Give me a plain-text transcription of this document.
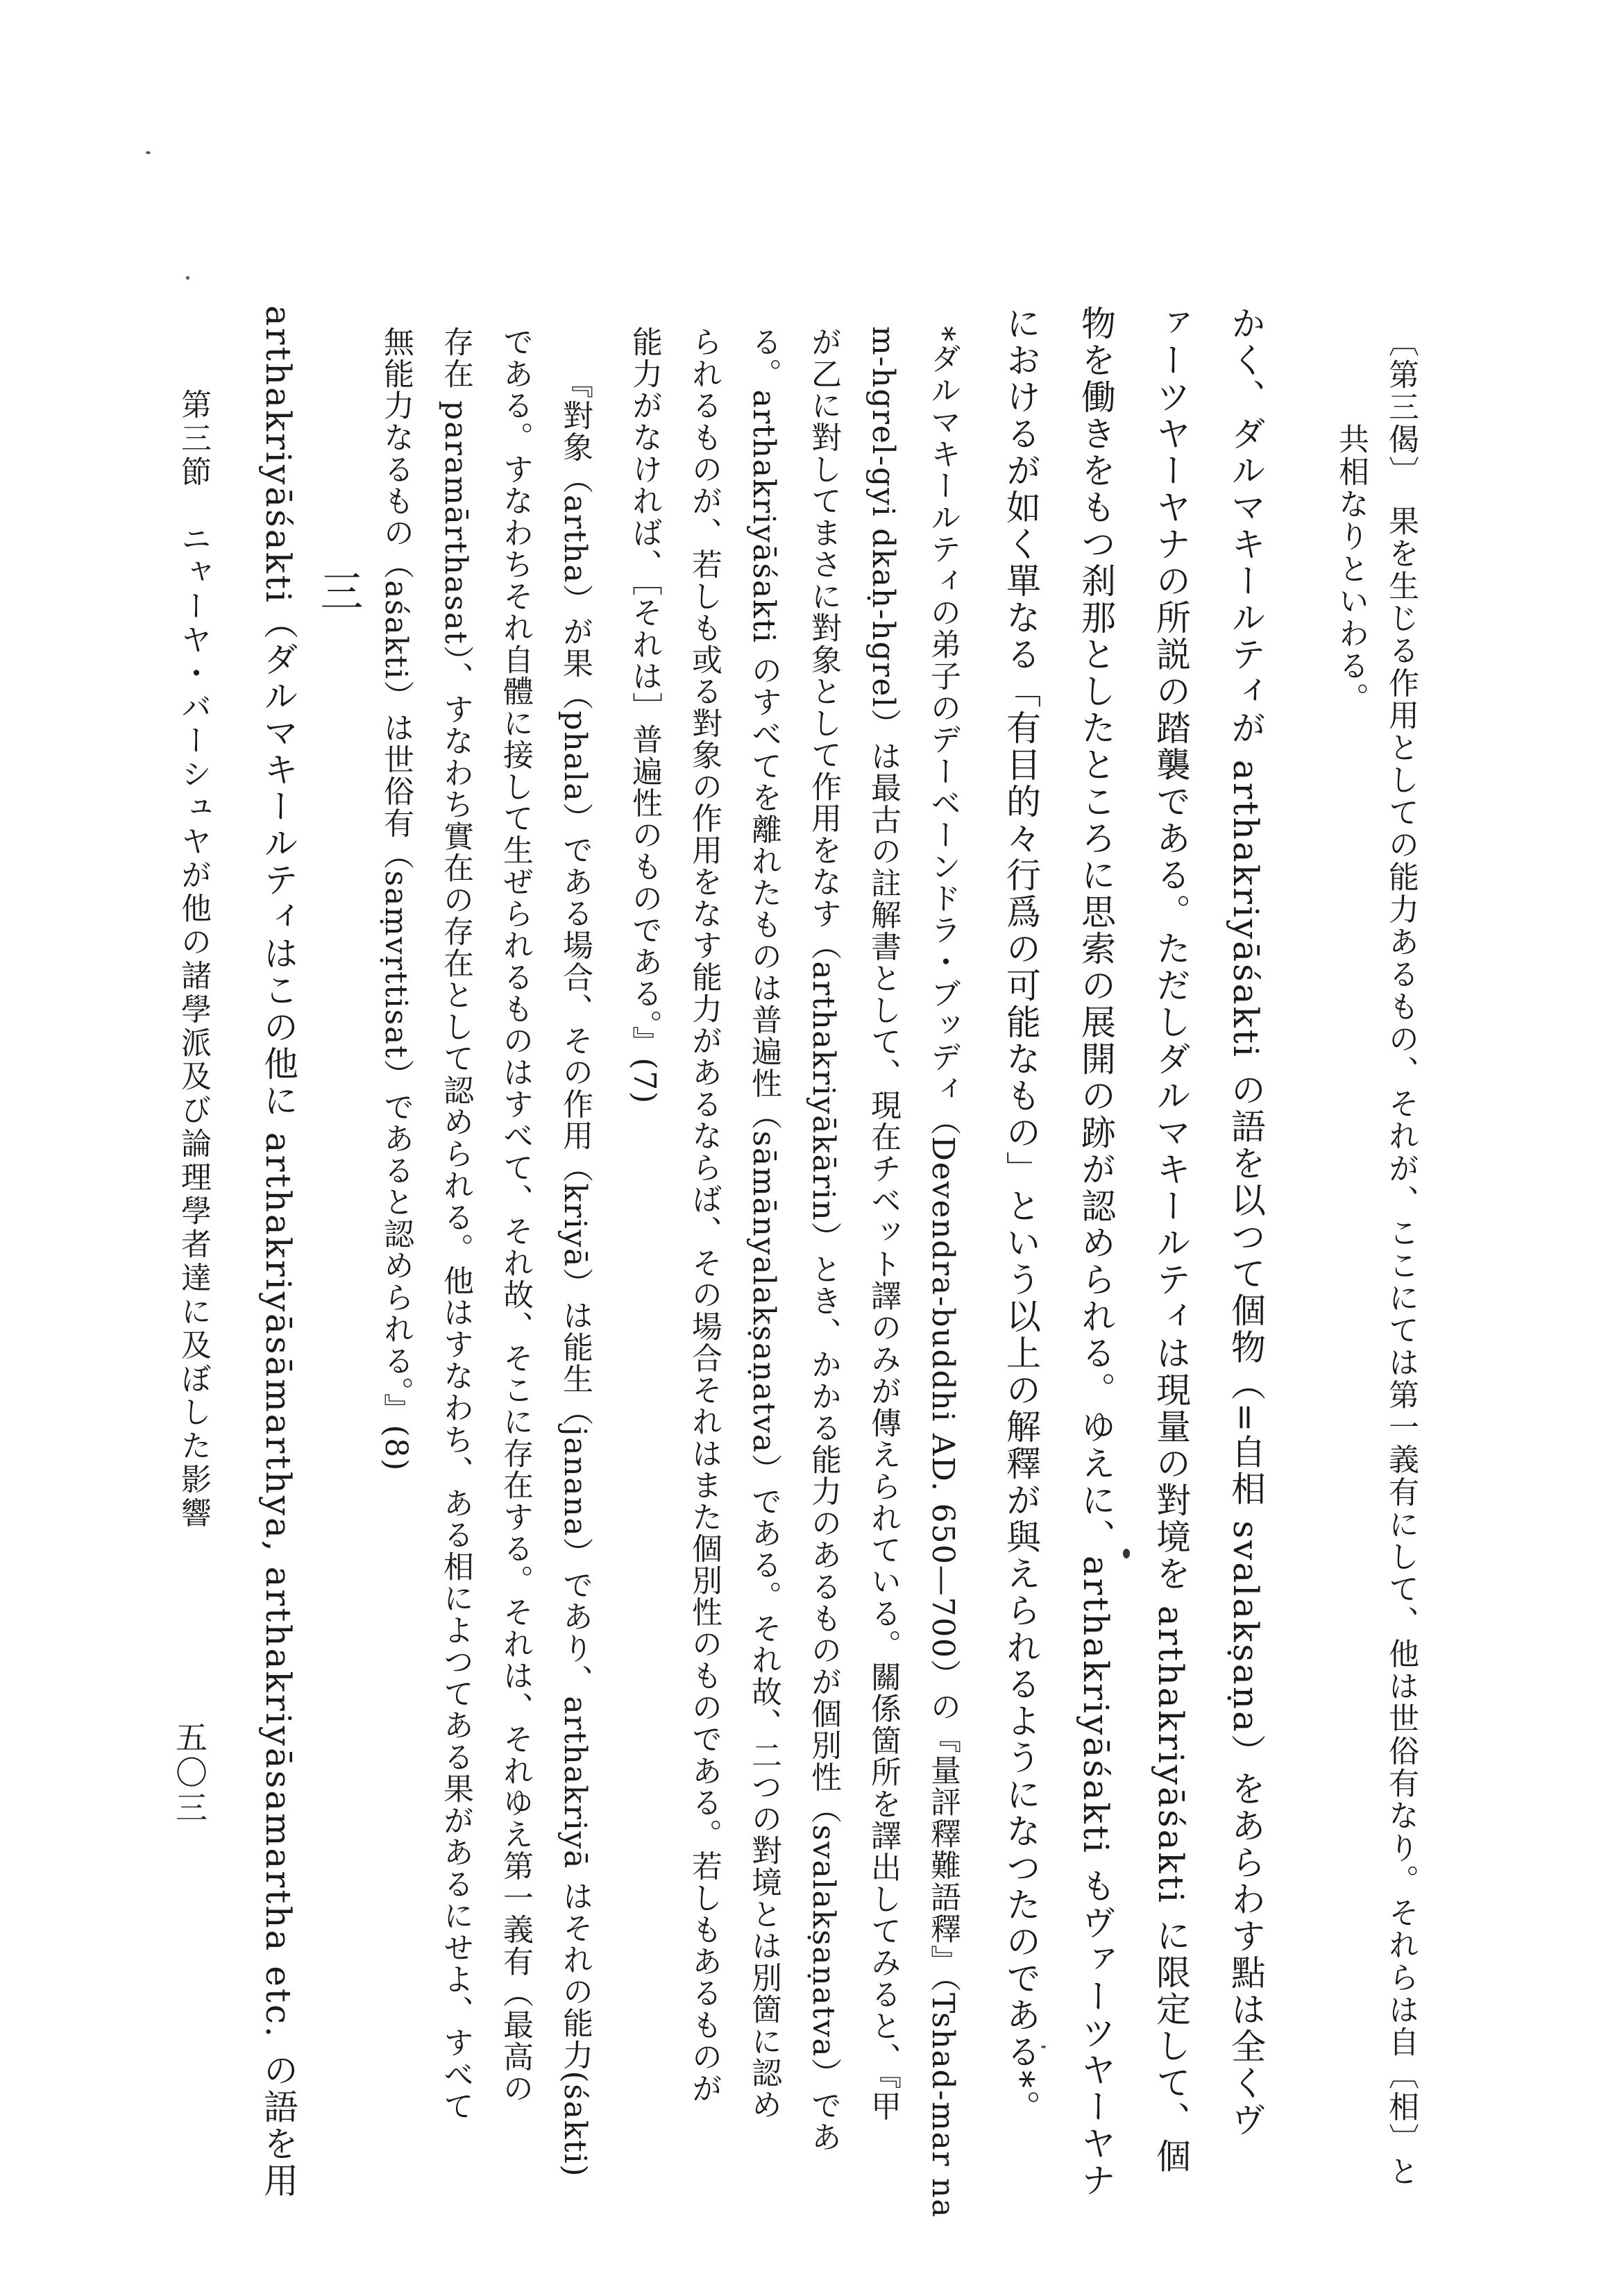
〔第三偈〕　果を生じる作用としての能力あるもの、それが、ここにては第一義有にして、他は世俗有なり。それらは自〔相〕と
共相なりといわる。
かく、ダルマキールティが arthakriyāśakti の語を以つて個物（=自相 svalakṣaṇa）をあらわす點は全くヴ
ァーツヤーヤナの所説の踏襲である。ただしダルマキールティは現量の對境を arthakriyāśakti に限定して、個
物を働きをもつ刹那としたところに思索の展開の跡が認められる。ゆえに、arthakriyāśakti もヴァーツヤーヤナ
におけるが如く單なる「有目的々行爲の可能なもの」という以上の解釋が與えられるようになつたのである*。
*ダルマキールティの弟子のデーベーンドラ・ブッディ（Devendra-buddhi AD. 650—700）の『量評釋難語釋』（Tshad-mar na
m-hgrel-gyi dkaḥ-hgrel）は最古の註解書として、現在チベット譯のみが傳えられている。關係箇所を譯出してみると、『甲
が乙に對してまさに對象として作用をなす（arthakriyākārin）とき、かかる能力のあるものが個別性（svalakṣaṇatva）であ
る。arthakriyāśakti のすべてを離れたものは普遍性（sāmānyalakṣaṇatva）である。それ故、二つの對境とは別箇に認め
られるものが、若しも或る對象の作用をなす能力があるならば、その場合それはまた個別性のものである。若しもあるものが
能力がなければ、［それは］普遍性のものである。』(7)
『對象（artha）が果（phala）である場合、その作用（kriyā）は能生（janana）であり、arthakriyā はそれの能力(śakti)
である。すなわちそれ自體に接して生ぜられるものはすべて、それ故、そこに存在する。それは、それゆえ第一義有（最高の
存在 paramārthasat）、すなわち實在の存在として認められる。他はすなわち、ある相によつてある果があるにせよ、すべて
無能力なるもの（aśakti）は世俗有（saṃvṛttisat）であると認められる。』(8)
三
arthakriyāśakti（ダルマキールティはこの他に arthakriyāsāmarthya, arthakriyāsamartha etc. の語を用
第三節　ニャーヤ・バーシュヤが他の諸學派及び論理學者達に及ぼした影響
五〇三
